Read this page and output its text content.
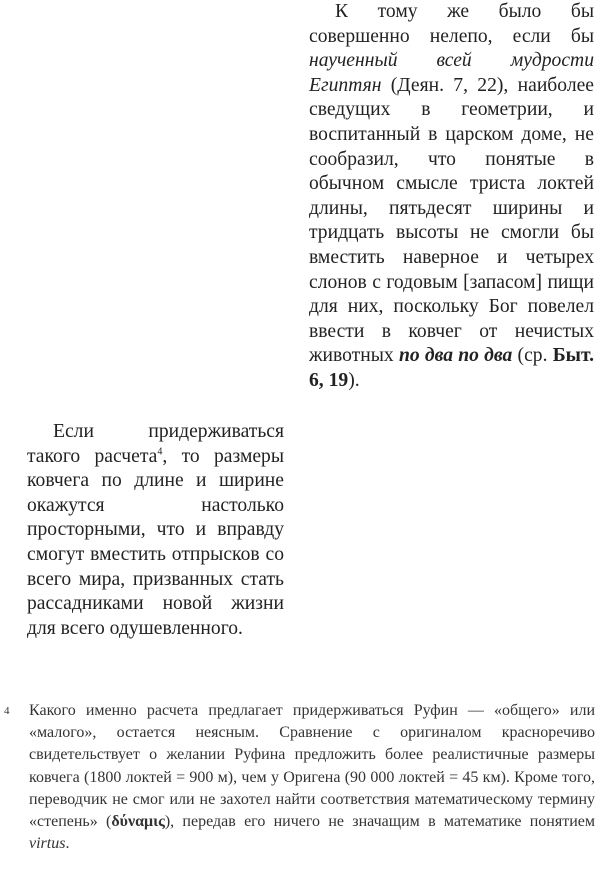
К тому же было бы совершенно нелепо, если бы наученный всей мудрости Египтян (Деян. 7, 22), наиболее сведущих в геометрии, и воспитанный в царском доме, не сообразил, что понятые в обычном смысле триста локтей длины, пятьдесят ширины и тридцать высоты не смогли бы вместить наверное и четырех слонов с годовым [запасом] пищи для них, поскольку Бог повелел ввести в ковчег от нечистых животных по два по два (ср. Быт. 6, 19).

Если придерживаться такого расчета$^4$, то размеры ковчега по длине и ширине окажутся настолько просторными, что и вправду смогут вместить отпрысков со всего мира, призванных стать рассадниками новой жизни для всего одушевленного.

4 Какого именно расчета предлагает придерживаться Руфин — «общего» или «малого», остается неясным. Сравнение с оригиналом красноречиво свидетельствует о желании Руфина предложить более реалистичные размеры ковчега (1800 локтей = 900 м), чем у Оригена (90 000 локтей = 45 км). Кроме того, переводчик не смог или не захотел найти соответствия математическому термину «степень» (δύναμις), передав его ничего не значащим в математике понятием virtus.
